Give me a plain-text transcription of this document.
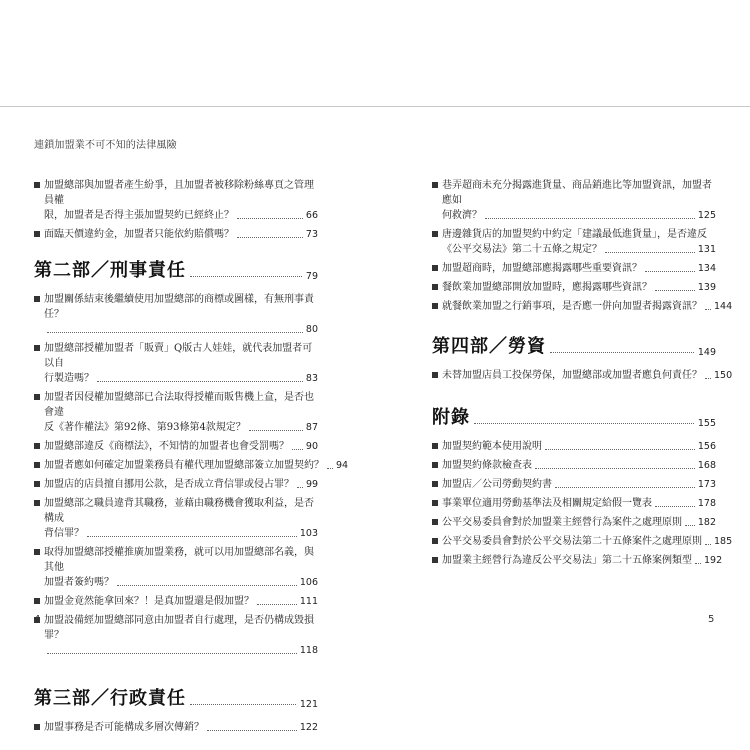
連鎖加盟業不可不知的法律風險
加盟總部與加盟者產生紛爭，且加盟者被移除粉絲專頁之管理員權
限，加盟者是否得主張加盟契約已經終止？	66
面臨天價違約金，加盟者只能依約賠償嗎？	73
第二部／刑事責任	79
加盟關係結束後繼續使用加盟總部的商標或圖樣，有無刑事責任？
80
加盟總部授權加盟者「販賣」Q版古人娃娃，就代表加盟者可以自
行製造嗎？	83
加盟者因侵權加盟總部已合法取得授權而販售機上盒，是否也會違
反《著作權法》第92條、第93條第4款規定？	87
加盟總部違反《商標法》，不知情的加盟者也會受罰嗎？ 90
加盟者應如何確定加盟業務員有權代理加盟總部簽立加盟契約？ 94
加盟店的店員擅自挪用公款，是否成立背信罪或侵占罪？ 99
加盟總部之職員違背其職務，並藉由職務機會獲取利益，是否構成
背信罪？	103
取得加盟總部授權推廣加盟業務，就可以用加盟總部名義，與其他
加盟者簽約嗎？	106
加盟金竟然能拿回來？！是真加盟還是假加盟？	111
加盟設備經加盟總部同意由加盟者自行處理，是否仍構成毀損罪？
118
第三部／行政責任	121
加盟事務是否可能構成多層次傳銷？	122
巷弄超商未充分揭露進貨量、商品銷進比等加盟資訊，加盟者應如
何救濟？	125
唐邊雜貨店的加盟契約中約定「建議最低進貨量」，是否違反
《公平交易法》第二十五條之規定？	131
加盟超商時，加盟總部應揭露哪些重要資訊？	134
餐飲業加盟總部開放加盟時，應揭露哪些資訊？	139
就餐飲業加盟之行銷事項，是否應一併向加盟者揭露資訊？ 144
第四部／勞資	149
未替加盟店員工投保勞保，加盟總部或加盟者應負何責任？ 150
附錄	155
加盟契約範本使用說明	156
加盟契約條款檢查表	168
加盟店／公司勞動契約書	173
事業單位適用勞動基準法及相關規定給假一覽表	178
公平交易委員會對於加盟業主經營行為案件之處理原則 182
公平交易委員會對於公平交易法第二十五條案件之處理原則 185
加盟業主經營行為違反公平交易法」第二十五條案例類型 192
4	5
